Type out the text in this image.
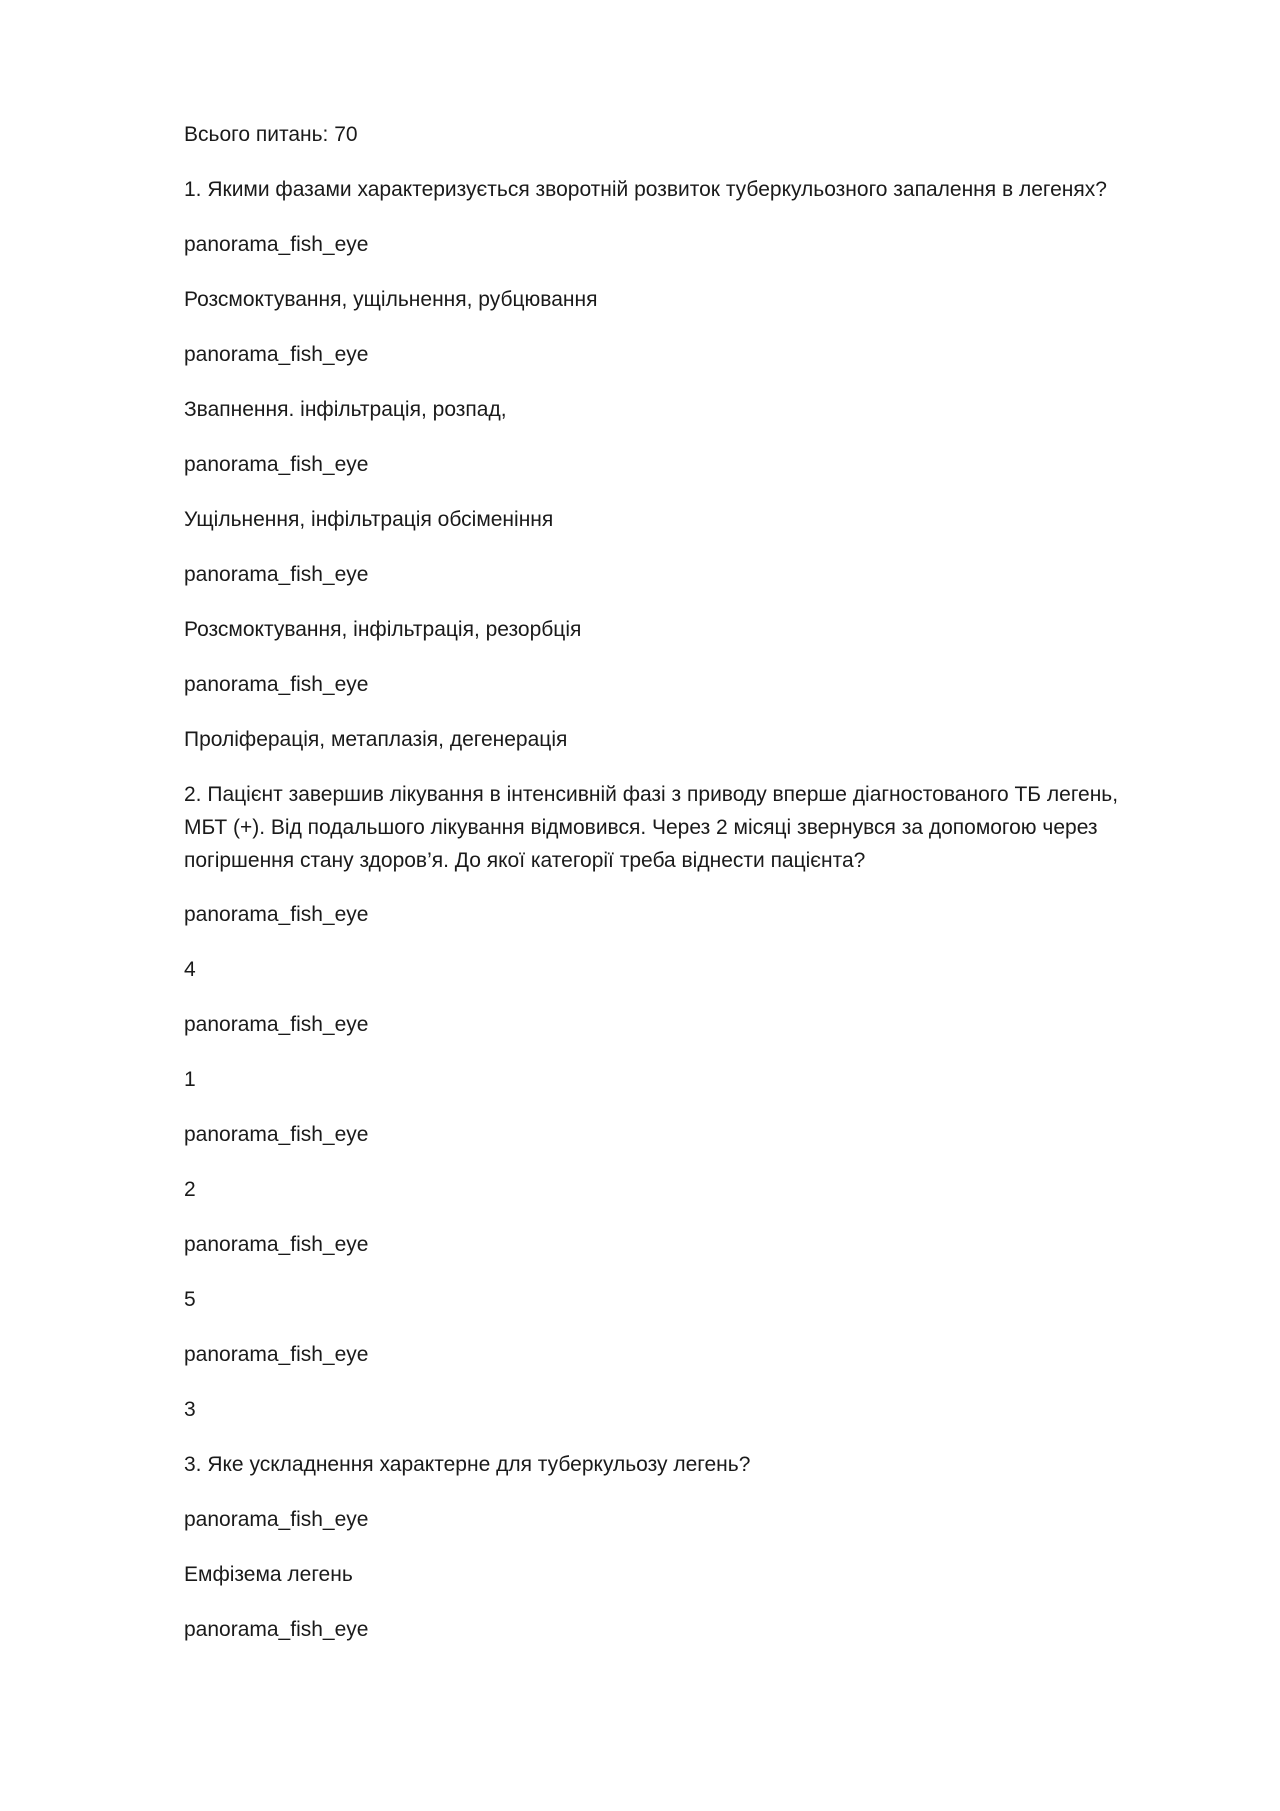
Всього питань: 70
1. Якими фазами характеризується зворотній розвиток туберкульозного запалення в легенях?
panorama_fish_eye
Розсмоктування, ущільнення, рубцювання
panorama_fish_eye
Звапнення. інфільтрація, розпад,
panorama_fish_eye
Ущільнення, інфільтрація обсіменіння
panorama_fish_eye
Розсмоктування, інфільтрація, резорбція
panorama_fish_eye
Проліферація, метаплазія, дегенерація
2. Пацієнт завершив лікування в інтенсивній фазі з приводу вперше діагностованого ТБ легень, МБТ (+). Від подальшого лікування відмовився. Через 2 місяці звернувся за допомогою через погіршення стану здоров’я. До якої категорії треба віднести пацієнта?
panorama_fish_eye
4
panorama_fish_eye
1
panorama_fish_eye
2
panorama_fish_eye
5
panorama_fish_eye
3
3. Яке ускладнення характерне для туберкульозу легень?
panorama_fish_eye
Емфізема легень
panorama_fish_eye
